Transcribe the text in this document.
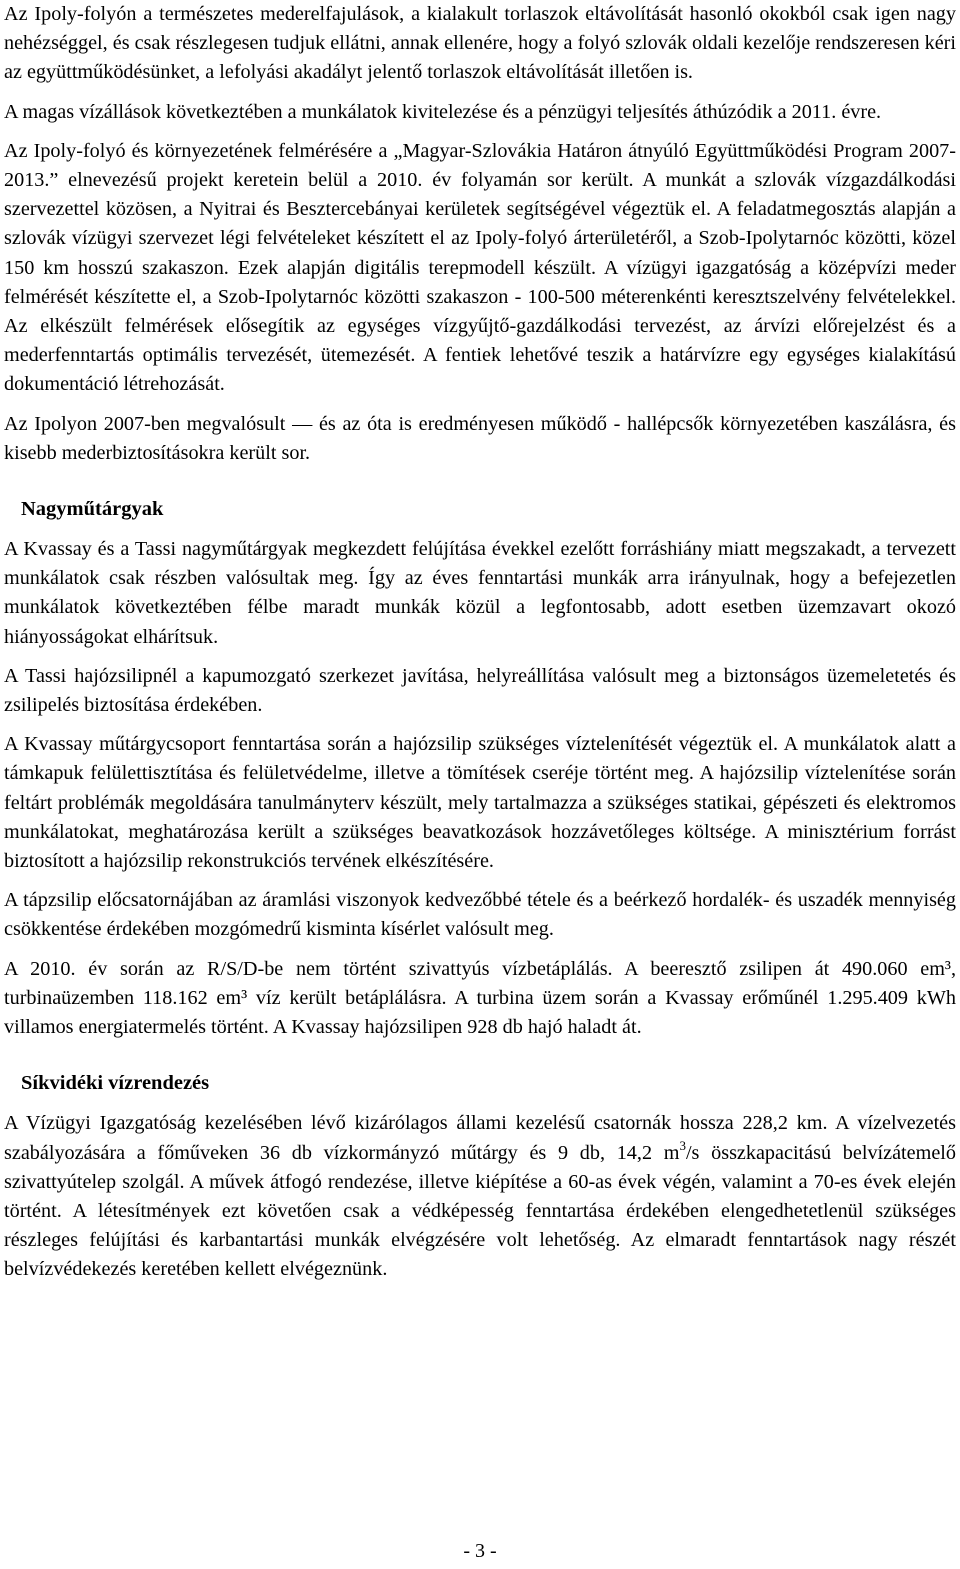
Az Ipoly-folyón a természetes mederelfajulások, a kialakult torlaszok eltávolítását hasonló okokból csak igen nagy nehézséggel, és csak részlegesen tudjuk ellátni, annak ellenére, hogy a folyó szlovák oldali kezelője rendszeresen kéri az együttműködésünket, a lefolyási akadályt jelentő torlaszok eltávolítását illetően is.

A magas vízállások következtében a munkálatok kivitelezése és a pénzügyi teljesítés áthúzódik a 2011. évre.

Az Ipoly-folyó és környezetének felmérésére a „Magyar-Szlovákia Határon átnyúló Együttműködési Program 2007-2013.” elnevezésű projekt keretein belül a 2010. év folyamán sor került. A munkát a szlovák vízgazdálkodási szervezettel közösen, a Nyitrai és Besztercebányai kerületek segítségével végeztük el. A feladatmegosztás alapján a szlovák vízügyi szervezet légi felvételeket készített el az Ipoly-folyó árterületéről, a Szob-Ipolytarnóc közötti, közel 150 km hosszú szakaszon. Ezek alapján digitális terepmodell készült. A vízügyi igazgatóság a középvízi meder felmérését készítette el, a Szob-Ipolytarnóc közötti szakaszon - 100-500 méterenkénti keresztszelvény felvételekkel. Az elkészült felmérések elősegítik az egységes vízgyűjtő-gazdálkodási tervezést, az árvízi előrejelzést és a mederfenntartás optimális tervezését, ütemezését. A fentiek lehetővé teszik a határvízre egy egységes kialakítású dokumentáció létrehozását.

Az Ipolyon 2007-ben megvalósult — és az óta is eredményesen működő - hallépcsők környezetében kaszálásra, és kisebb mederbiztosításokra került sor.

Nagyműtárgyak

A Kvassay és a Tassi nagyműtárgyak megkezdett felújítása évekkel ezelőtt forráshiány miatt megszakadt, a tervezett munkálatok csak részben valósultak meg. Így az éves fenntartási munkák arra irányulnak, hogy a befejezetlen munkálatok következtében félbe maradt munkák közül a legfontosabb, adott esetben üzemzavart okozó hiányosságokat elhárítsuk.

A Tassi hajózsilipnél a kapumozgató szerkezet javítása, helyreállítása valósult meg a biztonságos üzemeletetés és zsilipelés biztosítása érdekében.

A Kvassay műtárgycsoport fenntartása során a hajózsilip szükséges víztelenítését végeztük el. A munkálatok alatt a támkapuk felülettisztítása és felületvédelme, illetve a tömítések cseréje történt meg. A hajózsilip víztelenítése során feltárt problémák megoldására tanulmányterv készült, mely tartalmazza a szükséges statikai, gépészeti és elektromos munkálatokat, meghatározása került a szükséges beavatkozások hozzávetőleges költsége. A minisztérium forrást biztosított a hajózsilip rekonstrukciós tervének elkészítésére.

A tápzsilip előcsatornájában az áramlási viszonyok kedvezőbbé tétele és a beérkező hordalék- és uszadék mennyiség csökkentése érdekében mozgómedrű kisminta kísérlet valósult meg.

A 2010. év során az R/S/D-be nem történt szivattyús vízbetáplálás. A beeresztő zsilipen át 490.060 em³, turbinaüzemben 118.162 em³ víz került betáplálásra. A turbina üzem során a Kvassay erőműnél 1.295.409 kWh villamos energiatermelés történt. A Kvassay hajózsilipen 928 db hajó haladt át.

Síkvidéki vízrendezés

A Vízügyi Igazgatóság kezelésében lévő kizárólagos állami kezelésű csatornák hossza 228,2 km. A vízelvezetés szabályozására a főműveken 36 db vízkormányzó műtárgy és 9 db, 14,2 $m^3/s$ összkapacitású belvízátemelő szivattyútelep szolgál. A művek átfogó rendezése, illetve kiépítése a 60-as évek végén, valamint a 70-es évek elején történt. A létesítmények ezt követően csak a védképesség fenntartása érdekében elengedhetetlenül szükséges részleges felújítási és karbantartási munkák elvégzésére volt lehetőség. Az elmaradt fenntartások nagy részét belvízvédekezés keretében kellett elvégeznünk.

- 3 -
